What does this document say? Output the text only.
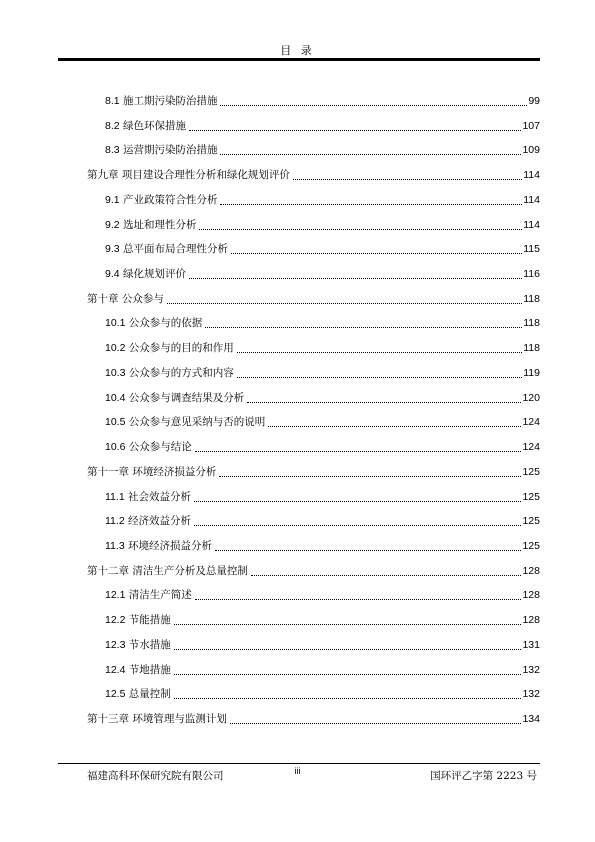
目 录
8.1 施工期污染防治措施	99
8.2 绿色环保措施	107
8.3 运营期污染防治措施	109
第九章 项目建设合理性分析和绿化规划评价	114
9.1 产业政策符合性分析	114
9.2 选址和理性分析	114
9.3 总平面布局合理性分析	115
9.4 绿化规划评价	116
第十章 公众参与	118
10.1 公众参与的依据	118
10.2 公众参与的目的和作用	118
10.3 公众参与的方式和内容	119
10.4 公众参与调查结果及分析	120
10.5 公众参与意见采纳与否的说明	124
10.6 公众参与结论	124
第十一章 环境经济损益分析	125
11.1 社会效益分析	125
11.2 经济效益分析	125
11.3 环境经济损益分析	125
第十二章 清洁生产分析及总量控制	128
12.1 清洁生产简述	128
12.2 节能措施	128
12.3 节水措施	131
12.4 节地措施	132
12.5 总量控制	132
第十三章 环境管理与监测计划	134
福建高科环保研究院有限公司	iii	国环评乙字第 2223 号
